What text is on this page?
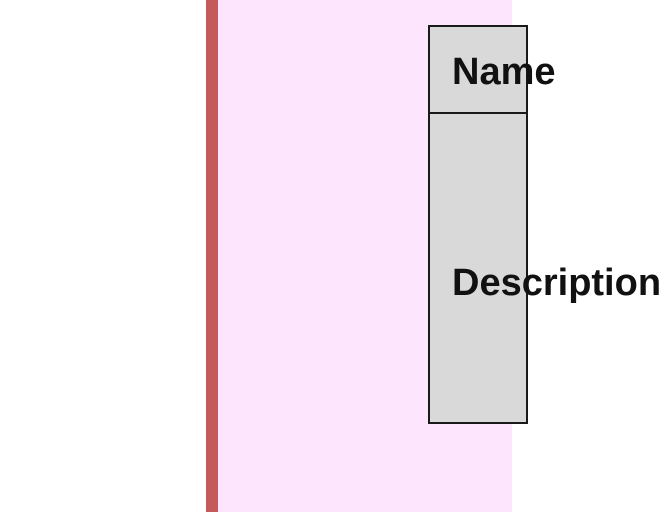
Name
Description
